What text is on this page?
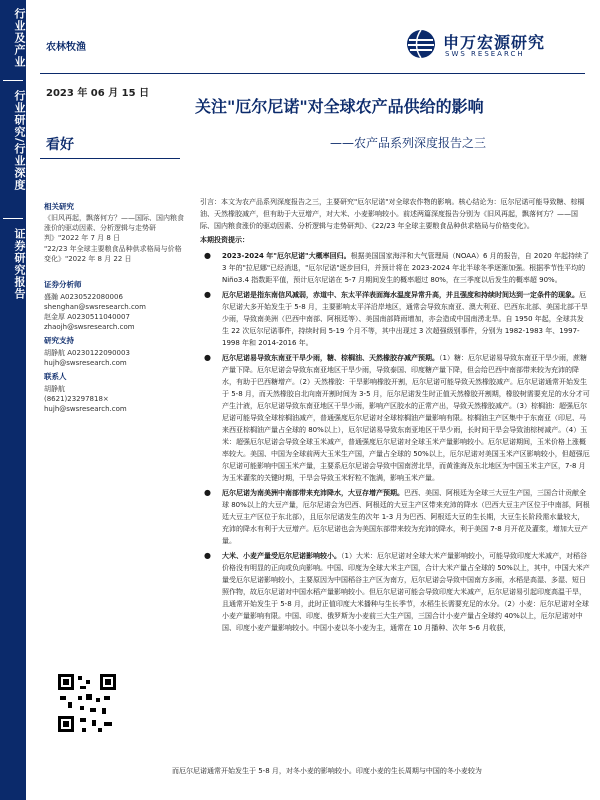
行业及产业
行业研究/行业深度
证券研究报告
农林牧渔
2023 年 06 月 15 日
申万宏源研究
SWS RESEARCH
关注"厄尔尼诺"对全球农产品供给的影响
——农产品系列深度报告之三
看好
相关研究
《旧风再起，飘落何方？——国际、国内粮食涨价的驱动因素、分析逻辑与走势研判》"2022 年 7 月 8 日
"22/23 年全球主要粮食品种供求格局与价格变化》"2022 年 8 月 22 日
证券分析师
盛瀚 A0230522080006
shenghan@swsresearch.com
赵金厚 A0230511040007
zhaojh@swsresearch.com
研究支持
胡静航 A0230122090003
hujh@swsresearch.com
联系人
胡静航
(8621)23297818×
hujh@swsresearch.com
引言：本文为农产品系列深度报告之三，主要研究"厄尔尼诺"对全球农作物的影响。核心结论为：厄尔尼诺可能导致糖、棕榈油、天然橡胶减产，但有助于大豆增产，对大米、小麦影响较小。前述两篇深度报告分别为《旧风再起，飘落何方？——国际、国内粮食涨价的驱动因素、分析逻辑与走势研判》、《22/23 年全球主要粮食品种供求格局与价格变化》。
本期投资提示：
● 2023-2024 年"厄尔尼诺"大概率回归。根据美国国家海洋和大气管理局（NOAA）6 月的报告，自 2020 年起持续了 3 年的"拉尼娜"已经消退，"厄尔尼诺"逐步回归，并预计将在 2023-2024 年北半球冬季逐渐加强。根据季节性平均的 Niño3.4 指数距平值，预计厄尔尼诺在 5-7 月期间发生的概率超过 80%，在三季度以后发生的概率超 90%。
● 厄尔尼诺是指东南信风减弱，赤道中、东太平洋表面海水温度异常升高，并且强度和持续时间达到一定条件的现象。厄尔尼诺大多开始发生于 5-8 月，主要影响太平洋沿岸地区，通常会导致东南亚、澳大利亚、巴西东北部、美国北部干旱少雨，导致南美洲（巴西中南部、阿根廷等）、美国南部降雨增加，亦会造成中国南涝北旱。自 1950 年起，全球共发生 22 次厄尔尼诺事件，持续时间 5-19 个月不等，其中出现过 3 次超强级别事件，分别为 1982-1983 年、1997-1998 年和 2014-2016 年。
● 厄尔尼诺易导致东南亚干旱少雨，糖、棕榈油、天然橡胶存减产预期。（1）糖：厄尔尼诺易导致东南亚干旱少雨，蔗糖产量下降。厄尔尼诺会导致东南亚地区干旱少雨，导致泰国、印度糖产量下降，但会给巴西中南部带来较为充沛的降水，有助于巴西糖增产。（2）天然橡胶：干旱影响橡胶开割，厄尔尼诺可能导致天然橡胶减产。厄尔尼诺通常开始发生于 5-8 月，而天然橡胶自北向南开割时间为 3-5 月，厄尔尼诺发生时正值天然橡胶开割期，橡胶树需要充足的水分才可产生汁液，厄尔尼诺导致东南亚地区干旱少雨，影响产区胶水的正常产出，导致天然橡胶减产。（3）棕榈油：超强厄尔尼诺可能导致全球棕榈油减产，普通强度厄尔尼诺对全球棕榈油产量影响有限。棕榈油主产区集中于东南亚（印尼、马来西亚棕榈油产量占全球的 80%以上），厄尔尼诺易导致东南亚地区干旱少雨，长时间干旱会导致油棕树减产。（4）玉米：超强厄尔尼诺会导致全球玉米减产，普通强度厄尔尼诺对全球玉米产量影响较小。厄尔尼诺期间，玉米价格上涨概率较大。美国、中国为全球前两大玉米生产国，产量占全球的 50%以上，厄尔尼诺对美国玉米产区影响较小，但超强厄尔尼诺可能影响中国玉米产量，主要系厄尔尼诺会导致中国南涝北旱，而黄淮海及东北地区为中国玉米主产区，7-8 月为玉米灌浆的关键时期，干旱会导致玉米籽粒不饱满，影响玉米产量。
● 厄尔尼诺为南美洲中南部带来充沛降水，大豆存增产预期。巴西、美国、阿根廷为全球三大豆生产国，三国合计贡献全球 80%以上的大豆产量，厄尔尼诺会为巴西、阿根廷的大豆主产区带来充沛的降水（巴西大豆主产区位于中南部，阿根廷大豆主产区位于东北部），且厄尔尼诺发生的次年 1-3 月为巴西、阿根廷大豆的生长期，大豆生长阶段需水量较大，充沛的降水有利于大豆增产。厄尔尼诺也会为美国东部带来较为充沛的降水，利于美国 7-8 月开花及灌浆，增加大豆产量。
● 大米、小麦产量受厄尔尼诺影响较小。（1）大米：厄尔尼诺对全球大米产量影响较小，可能导致印度大米减产，对稻谷价格没有明显的正向或负向影响。中国、印度为全球大米主产国，合计大米产量占全球的 50%以上，其中，中国大米产量受厄尔尼诺影响较小，主要原因为中国稻谷主产区为南方，厄尔尼诺会导致中国南方多雨，水稻是高湿、多湿、短日照作物，故厄尔尼诺对中国水稻产量影响较小。但厄尔尼诺可能会导致印度大米减产，厄尔尼诺易引起印度高温干旱，且通常开始发生于 5-8 月，此时正值印度大米播种与生长季节，水稻生长需要充足的水分。（2）小麦：厄尔尼诺对全球小麦产量影响有限。中国、印度、俄罗斯为小麦前三大生产国，三国合计小麦产量占全球约 40%以上，厄尔尼诺对中国、印度小麦产量影响较小。中国小麦以冬小麦为主，通常在 10 月播种、次年 5-6 月收获，
而厄尔尼诺通常开始发生于 5-8 月，对冬小麦的影响较小。印度小麦的生长周期与中国的冬小麦较为
